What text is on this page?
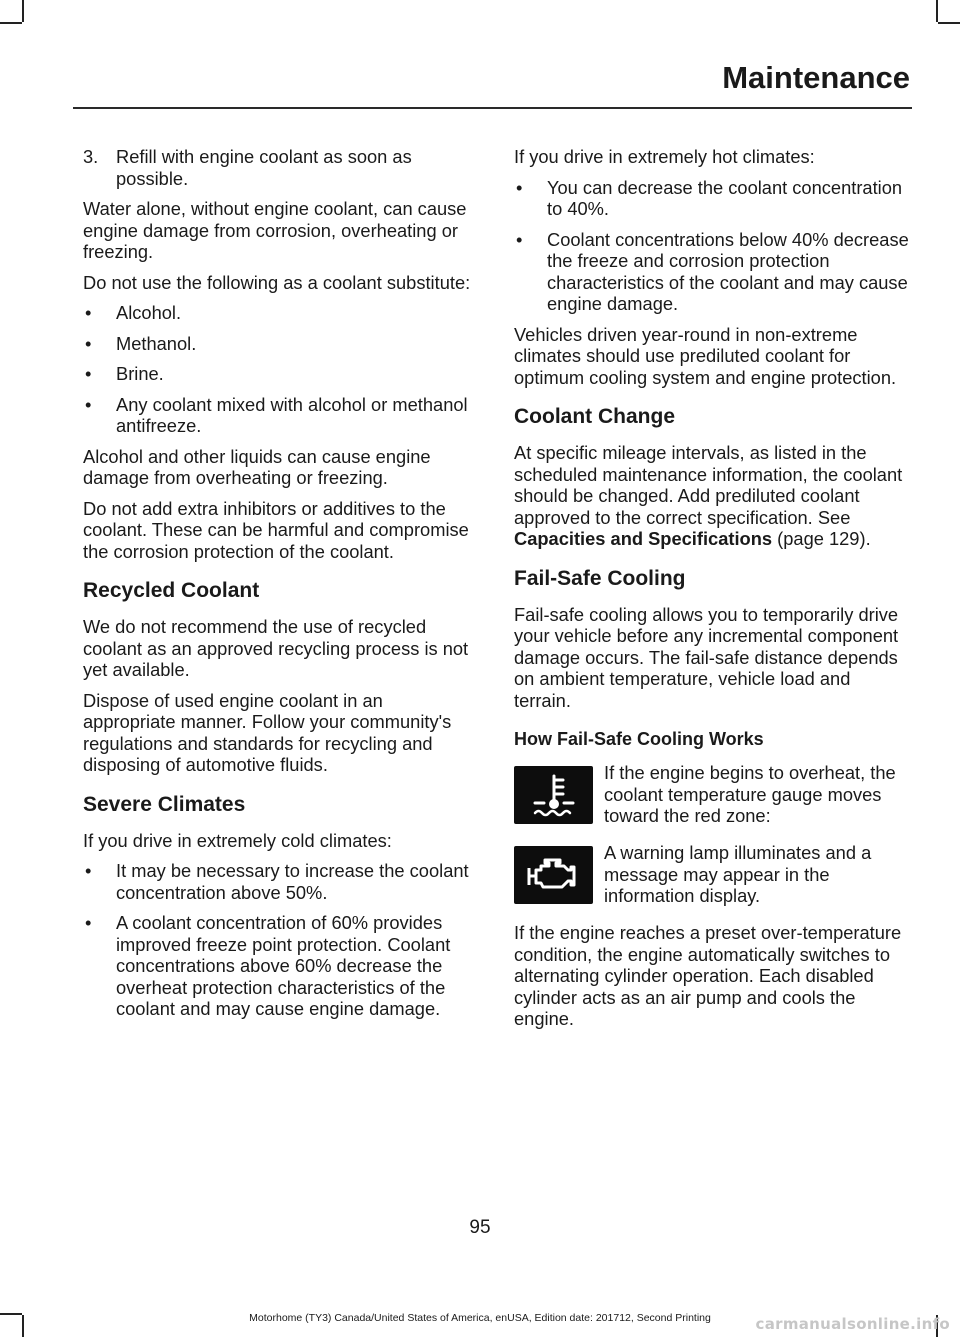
Maintenance
3. Refill with engine coolant as soon as possible.

Water alone, without engine coolant, can cause engine damage from corrosion, overheating or freezing.

Do not use the following as a coolant substitute:

• Alcohol.
• Methanol.
• Brine.
• Any coolant mixed with alcohol or methanol antifreeze.

Alcohol and other liquids can cause engine damage from overheating or freezing.

Do not add extra inhibitors or additives to the coolant. These can be harmful and compromise the corrosion protection of the coolant.

Recycled Coolant

We do not recommend the use of recycled coolant as an approved recycling process is not yet available.

Dispose of used engine coolant in an appropriate manner. Follow your community's regulations and standards for recycling and disposing of automotive fluids.

Severe Climates

If you drive in extremely cold climates:

• It may be necessary to increase the coolant concentration above 50%.
• A coolant concentration of 60% provides improved freeze point protection. Coolant concentrations above 60% decrease the overheat protection characteristics of the coolant and may cause engine damage.

If you drive in extremely hot climates:

• You can decrease the coolant concentration to 40%.
• Coolant concentrations below 40% decrease the freeze and corrosion protection characteristics of the coolant and may cause engine damage.

Vehicles driven year-round in non-extreme climates should use prediluted coolant for optimum cooling system and engine protection.

Coolant Change

At specific mileage intervals, as listed in the scheduled maintenance information, the coolant should be changed. Add prediluted coolant approved to the correct specification. See Capacities and Specifications (page 129).

Fail-Safe Cooling

Fail-safe cooling allows you to temporarily drive your vehicle before any incremental component damage occurs. The fail-safe distance depends on ambient temperature, vehicle load and terrain.

How Fail-Safe Cooling Works
If the engine begins to overheat, the coolant temperature gauge moves toward the red zone:
A warning lamp illuminates and a message may appear in the information display.

If the engine reaches a preset over-temperature condition, the engine automatically switches to alternating cylinder operation. Each disabled cylinder acts as an air pump and cools the engine.

95
Motorhome (TY3) Canada/United States of America, enUSA, Edition date: 201712, Second Printing	carmanualsonline.info
